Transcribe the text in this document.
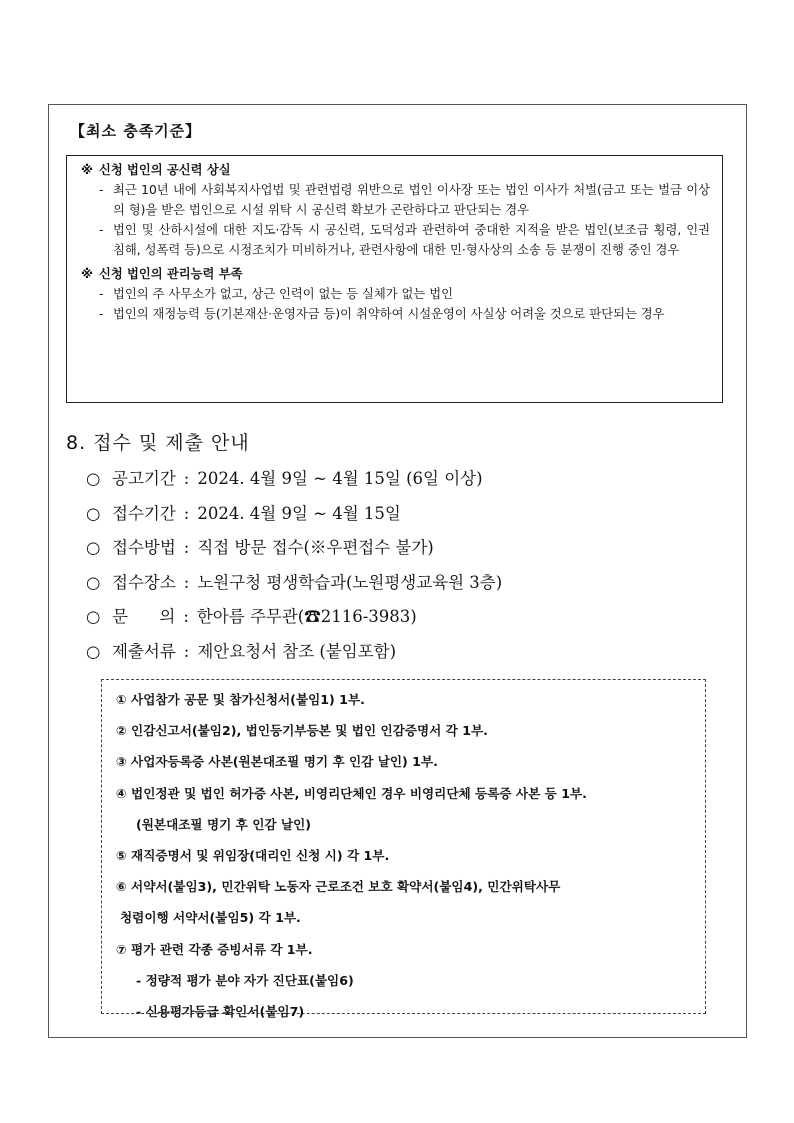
【최소 충족기준】
※ 신청 법인의 공신력 상실
- 최근 10년 내에 사회복지사업법 및 관련법령 위반으로 법인 이사장 또는 법인 이사가 처벌(금고 또는 벌금 이상의 형)을 받은 법인으로 시설 위탁 시 공신력 확보가 곤란하다고 판단되는 경우
- 법인 및 산하시설에 대한 지도·감독 시 공신력, 도덕성과 관련하여 중대한 지적을 받은 법인(보조금 횡령, 인권 침해, 성폭력 등)으로 시정조치가 미비하거나, 관련사항에 대한 민·형사상의 소송 등 분쟁이 진행 중인 경우
※ 신청 법인의 관리능력 부족
- 법인의 주 사무소가 없고, 상근 인력이 없는 등 실체가 없는 법인
- 법인의 재정능력 등(기본재산·운영자금 등)이 취약하여 시설운영이 사실상 어려울 것으로 판단되는 경우
8. 접수 및 제출 안내
○ 공고기간 : 2024. 4월 9일 ~ 4월 15일 (6일 이상)
○ 접수기간 : 2024. 4월 9일 ~ 4월 15일
○ 접수방법 : 직접 방문 접수(※우편접수 불가)
○ 접수장소 : 노원구청 평생학습과(노원평생교육원 3층)
○ 문      의 : 한아름 주무관(☎2116-3983)
○ 제출서류 : 제안요청서 참조 (붙임포함)
① 사업참가 공문 및 참가신청서(붙임1) 1부.
② 인감신고서(붙임2), 법인등기부등본 및 법인 인감증명서 각 1부.
③ 사업자등록증 사본(원본대조필 명기 후 인감 날인) 1부.
④ 법인정관 및 법인 허가증 사본, 비영리단체인 경우 비영리단체 등록증 사본 등 1부.
(원본대조필 명기 후 인감 날인)
⑤ 재직증명서 및 위임장(대리인 신청 시) 각 1부.
⑥ 서약서(붙임3), 민간위탁 노동자 근로조건 보호 확약서(붙임4), 민간위탁사무
청렴이행 서약서(붙임5) 각 1부.
⑦ 평가 관련 각종 증빙서류 각 1부.
- 정량적 평가 분야 자가 진단표(붙임6)
- 신용평가등급 확인서(붙임7)
